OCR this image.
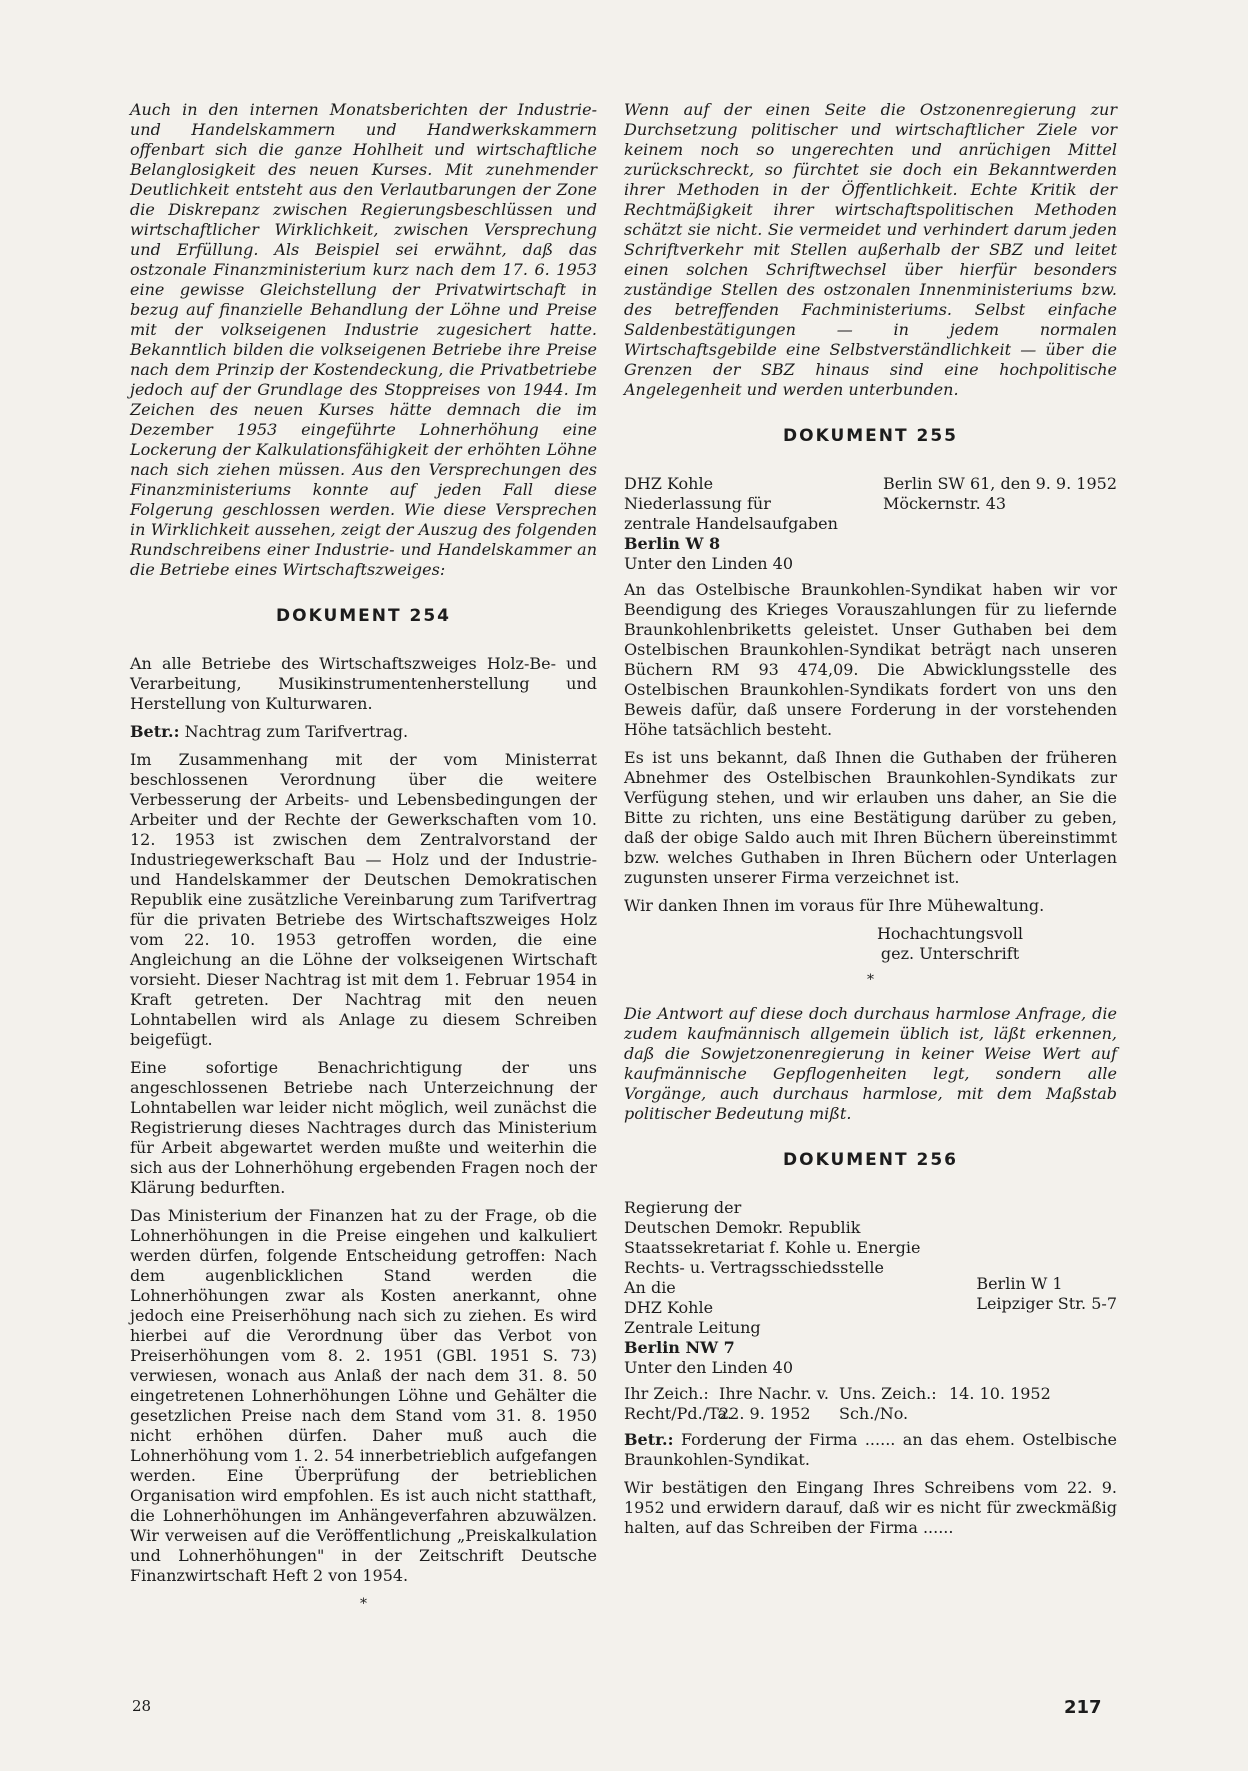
Auch in den internen Monatsberichten der Industrie- und Handelskammern und Handwerkskammern offenbart sich die ganze Hohlheit und wirtschaftliche Belanglosigkeit des neuen Kurses. Mit zunehmender Deutlichkeit entsteht aus den Verlautbarungen der Zone die Diskrepanz zwischen Regierungsbeschlüssen und wirtschaftlicher Wirklichkeit, zwischen Versprechung und Erfüllung. Als Beispiel sei erwähnt, daß das ostzonale Finanzministerium kurz nach dem 17. 6. 1953 eine gewisse Gleichstellung der Privatwirtschaft in bezug auf finanzielle Behandlung der Löhne und Preise mit der volkseigenen Industrie zugesichert hatte. Bekanntlich bilden die volkseigenen Betriebe ihre Preise nach dem Prinzip der Kostendeckung, die Privatbetriebe jedoch auf der Grundlage des Stoppreises von 1944. Im Zeichen des neuen Kurses hätte demnach die im Dezember 1953 eingeführte Lohnerhöhung eine Lockerung der Kalkulationsfähigkeit der erhöhten Löhne nach sich ziehen müssen. Aus den Versprechungen des Finanzministeriums konnte auf jeden Fall diese Folgerung geschlossen werden. Wie diese Versprechen in Wirklichkeit aussehen, zeigt der Auszug des folgenden Rundschreibens einer Industrie- und Handelskammer an die Betriebe eines Wirtschaftszweiges:

DOKUMENT 254

An alle Betriebe des Wirtschaftszweiges Holz-Be- und Verarbeitung, Musikinstrumentenherstellung und Herstellung von Kulturwaren.

Betr.: Nachtrag zum Tarifvertrag.

Im Zusammenhang mit der vom Ministerrat beschlossenen Verordnung über die weitere Verbesserung der Arbeits- und Lebensbedingungen der Arbeiter und der Rechte der Gewerkschaften vom 10. 12. 1953 ist zwischen dem Zentralvorstand der Industriegewerkschaft Bau — Holz und der Industrie- und Handelskammer der Deutschen Demokratischen Republik eine zusätzliche Vereinbarung zum Tarifvertrag für die privaten Betriebe des Wirtschaftszweiges Holz vom 22. 10. 1953 getroffen worden, die eine Angleichung an die Löhne der volkseigenen Wirtschaft vorsieht. Dieser Nachtrag ist mit dem 1. Februar 1954 in Kraft getreten. Der Nachtrag mit den neuen Lohntabellen wird als Anlage zu diesem Schreiben beigefügt.

Eine sofortige Benachrichtigung der uns angeschlossenen Betriebe nach Unterzeichnung der Lohntabellen war leider nicht möglich, weil zunächst die Registrierung dieses Nachtrages durch das Ministerium für Arbeit abgewartet werden mußte und weiterhin die sich aus der Lohnerhöhung ergebenden Fragen noch der Klärung bedurften.

Das Ministerium der Finanzen hat zu der Frage, ob die Lohnerhöhungen in die Preise eingehen und kalkuliert werden dürfen, folgende Entscheidung getroffen: Nach dem augenblicklichen Stand werden die Lohnerhöhungen zwar als Kosten anerkannt, ohne jedoch eine Preiserhöhung nach sich zu ziehen. Es wird hierbei auf die Verordnung über das Verbot von Preiserhöhungen vom 8. 2. 1951 (GBl. 1951 S. 73) verwiesen, wonach aus Anlaß der nach dem 31. 8. 50 eingetretenen Lohnerhöhungen Löhne und Gehälter die gesetzlichen Preise nach dem Stand vom 31. 8. 1950 nicht erhöhen dürfen. Daher muß auch die Lohnerhöhung vom 1. 2. 54 innerbetrieblich aufgefangen werden. Eine Überprüfung der betrieblichen Organisation wird empfohlen. Es ist auch nicht statthaft, die Lohnerhöhungen im Anhängeverfahren abzuwälzen. Wir verweisen auf die Veröffentlichung „Preiskalkulation und Lohnerhöhungen" in der Zeitschrift Deutsche Finanzwirtschaft Heft 2 von 1954.

*

Wenn auf der einen Seite die Ostzonenregierung zur Durchsetzung politischer und wirtschaftlicher Ziele vor keinem noch so ungerechten und anrüchigen Mittel zurückschreckt, so fürchtet sie doch ein Bekanntwerden ihrer Methoden in der Öffentlichkeit. Echte Kritik der Rechtmäßigkeit ihrer wirtschaftspolitischen Methoden schätzt sie nicht. Sie vermeidet und verhindert darum jeden Schriftverkehr mit Stellen außerhalb der SBZ und leitet einen solchen Schriftwechsel über hierfür besonders zuständige Stellen des ostzonalen Innenministeriums bzw. des betreffenden Fachministeriums. Selbst einfache Saldenbestätigungen — in jedem normalen Wirtschaftsgebilde eine Selbstverständlichkeit — über die Grenzen der SBZ hinaus sind eine hochpolitische Angelegenheit und werden unterbunden.

DOKUMENT 255
DHZ Kohle
Niederlassung für
zentrale Handelsaufgaben
Berlin W 8
Unter den Linden 40
Berlin SW 61, den 9. 9. 1952
Möckernstr. 43

An das Ostelbische Braunkohlen-Syndikat haben wir vor Beendigung des Krieges Vorauszahlungen für zu liefernde Braunkohlenbriketts geleistet. Unser Guthaben bei dem Ostelbischen Braunkohlen-Syndikat beträgt nach unseren Büchern RM 93 474,09. Die Abwicklungsstelle des Ostelbischen Braunkohlen-Syndikats fordert von uns den Beweis dafür, daß unsere Forderung in der vorstehenden Höhe tatsächlich besteht.

Es ist uns bekannt, daß Ihnen die Guthaben der früheren Abnehmer des Ostelbischen Braunkohlen-Syndikats zur Verfügung stehen, und wir erlauben uns daher, an Sie die Bitte zu richten, uns eine Bestätigung darüber zu geben, daß der obige Saldo auch mit Ihren Büchern übereinstimmt bzw. welches Guthaben in Ihren Büchern oder Unterlagen zugunsten unserer Firma verzeichnet ist.

Wir danken Ihnen im voraus für Ihre Mühewaltung.

Hochachtungsvoll
gez. Unterschrift
*

Die Antwort auf diese doch durchaus harmlose Anfrage, die zudem kaufmännisch allgemein üblich ist, läßt erkennen, daß die Sowjetzonenregierung in keiner Weise Wert auf kaufmännische Gepflogenheiten legt, sondern alle Vorgänge, auch durchaus harmlose, mit dem Maßstab politischer Bedeutung mißt.

DOKUMENT 256
Regierung der
Deutschen Demokr. Republik
Staatssekretariat f. Kohle u. Energie
Rechts- u. Vertragsschiedsstelle
An die
DHZ Kohle
Zentrale Leitung
Berlin NW 7
Unter den Linden 40
Berlin W 1
Leipziger Str. 5-7
Ihr Zeich.: Ihre Nachr. v. Uns. Zeich.: 14. 10. 1952
Recht/Pd./Ta.
22. 9. 1952	Sch./No.

Betr.: Forderung der Firma ...... an das ehem. Ostelbische Braunkohlen-Syndikat.

Wir bestätigen den Eingang Ihres Schreibens vom 22. 9. 1952 und erwidern darauf, daß wir es nicht für zweckmäßig halten, auf das Schreiben der Firma ......

28	217
